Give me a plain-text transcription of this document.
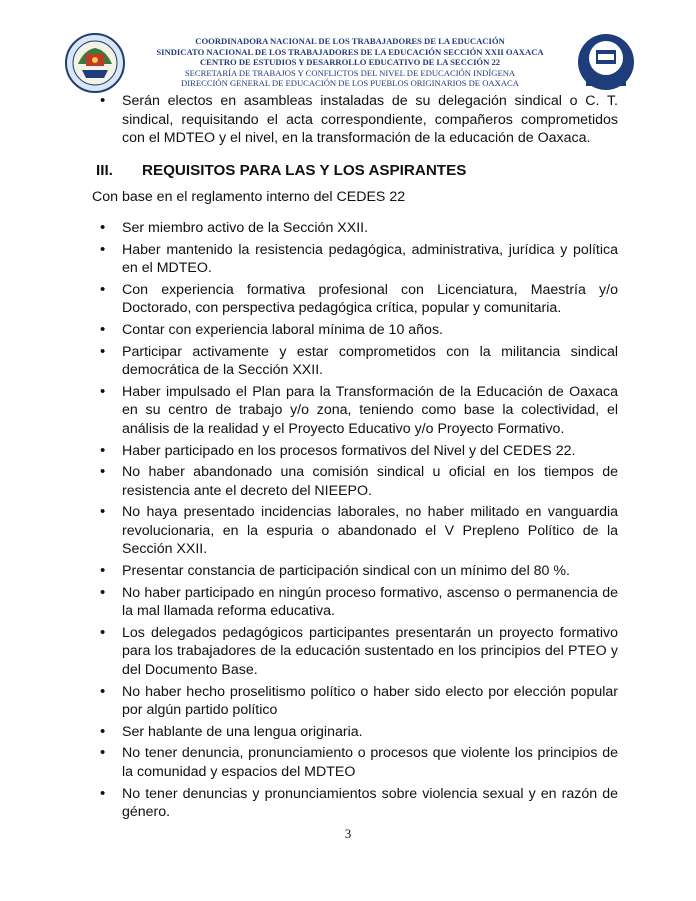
COORDINADORA NACIONAL DE LOS TRABAJADORES DE LA EDUCACIÓN
SINDICATO NACIONAL DE LOS TRABAJADORES DE LA EDUCACIÓN SECCIÓN XXII OAXACA
CENTRO DE ESTUDIOS Y DESARROLLO EDUCATIVO DE LA SECCIÓN 22
SECRETARÍA DE TRABAJOS Y CONFLICTOS DEL NIVEL DE EDUCACIÓN INDÍGENA
DIRECCIÓN GENERAL DE EDUCACIÓN DE LOS PUEBLOS ORIGINARIOS DE OAXACA
• Serán electos en asambleas instaladas de su delegación sindical o C. T. sindical, requisitando el acta correspondiente, compañeros comprometidos con el MDTEO y el nivel, en la transformación de la educación de Oaxaca.
III.	REQUISITOS PARA LAS Y LOS ASPIRANTES
Con base en el reglamento interno del CEDES 22
• Ser miembro activo de la Sección XXII.
• Haber mantenido la resistencia pedagógica, administrativa, jurídica y política en el MDTEO.
• Con experiencia formativa profesional con Licenciatura, Maestría y/o Doctorado, con perspectiva pedagógica crítica, popular y comunitaria.
• Contar con experiencia laboral mínima de 10 años.
• Participar activamente y estar comprometidos con la militancia sindical democrática de la Sección XXII.
• Haber impulsado el Plan para la Transformación de la Educación de Oaxaca en su centro de trabajo y/o zona, teniendo como base la colectividad, el análisis de la realidad y el Proyecto Educativo y/o Proyecto Formativo.
• Haber participado en los procesos formativos del Nivel y del CEDES 22.
• No haber abandonado una comisión sindical u oficial en los tiempos de resistencia ante el decreto del NIEEPO.
• No haya presentado incidencias laborales, no haber militado en vanguardia revolucionaria, en la espuria o abandonado el V Prepleno Político de la Sección XXII.
• Presentar constancia de participación sindical con un mínimo del 80 %.
• No haber participado en ningún proceso formativo, ascenso o permanencia de la mal llamada reforma educativa.
• Los delegados pedagógicos participantes presentarán un proyecto formativo para los trabajadores de la educación sustentado en los principios del PTEO y del Documento Base.
• No haber hecho proselitismo político o haber sido electo por elección popular por algún partido político
• Ser hablante de una lengua originaria.
• No tener denuncia, pronunciamiento o procesos que violente los principios de la comunidad y espacios del MDTEO
• No tener denuncias y pronunciamientos sobre violencia sexual y en razón de género.
3
